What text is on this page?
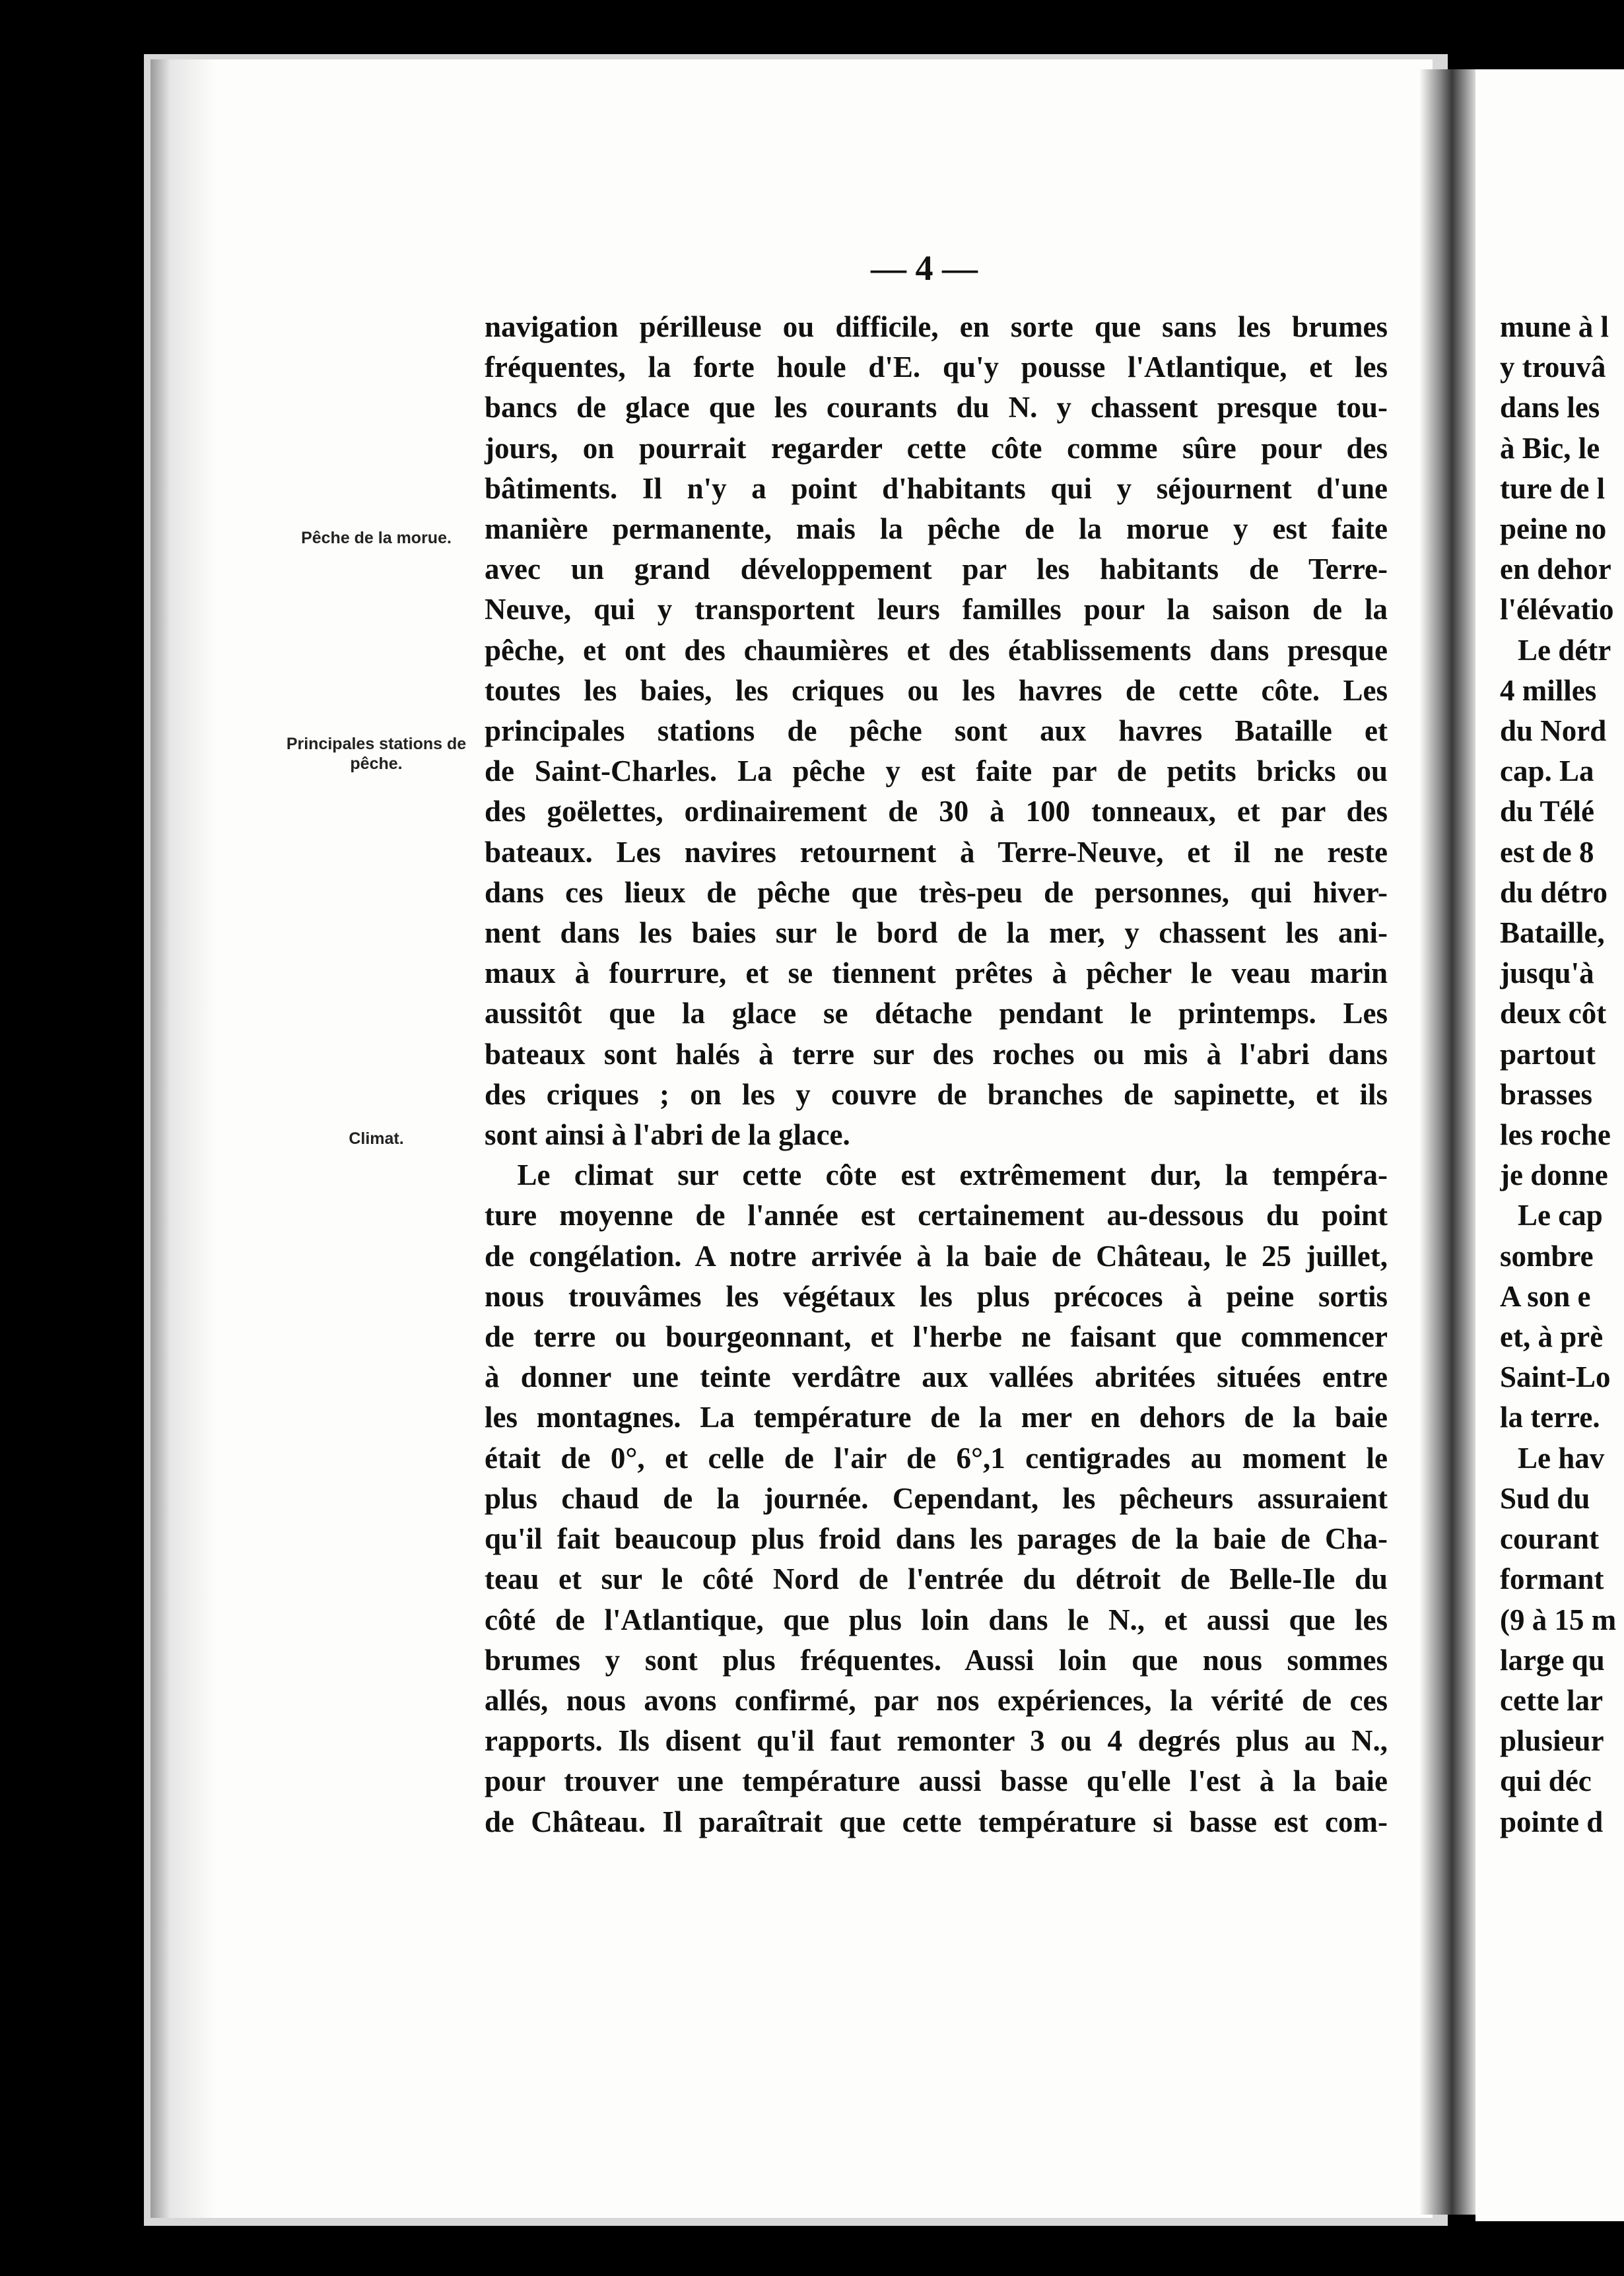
— 4 —
Pêche de la morue.
Principales stations de pêche.
Climat.

navigation périlleuse ou difficile, en sorte que sans les brumes

fréquentes, la forte houle d'E. qu'y pousse l'Atlantique, et les

bancs de glace que les courants du N. y chassent presque tou-

jours, on pourrait regarder cette côte comme sûre pour des

bâtiments. Il n'y a point d'habitants qui y séjournent d'une

manière permanente, mais la pêche de la morue y est faite

avec un grand développement par les habitants de Terre-

Neuve, qui y transportent leurs familles pour la saison de la

pêche, et ont des chaumières et des établissements dans presque

toutes les baies, les criques ou les havres de cette côte. Les

principales stations de pêche sont aux havres Bataille et

de Saint-Charles. La pêche y est faite par de petits bricks ou

des goëlettes, ordinairement de 30 à 100 tonneaux, et par des

bateaux. Les navires retournent à Terre-Neuve, et il ne reste

dans ces lieux de pêche que très-peu de personnes, qui hiver-

nent dans les baies sur le bord de la mer, y chassent les ani-

maux à fourrure, et se tiennent prêtes à pêcher le veau marin

aussitôt que la glace se détache pendant le printemps. Les

bateaux sont halés à terre sur des roches ou mis à l'abri dans

des criques ; on les y couvre de branches de sapinette, et ils

sont ainsi à l'abri de la glace.

Le climat sur cette côte est extrêmement dur, la tempéra-

ture moyenne de l'année est certainement au-dessous du point

de congélation. A notre arrivée à la baie de Château, le 25 juillet,

nous trouvâmes les végétaux les plus précoces à peine sortis

de terre ou bourgeonnant, et l'herbe ne faisant que commencer

à donner une teinte verdâtre aux vallées abritées situées entre

les montagnes. La température de la mer en dehors de la baie

était de 0°, et celle de l'air de 6°,1 centigrades au moment le

plus chaud de la journée. Cependant, les pêcheurs assuraient

qu'il fait beaucoup plus froid dans les parages de la baie de Cha-

teau et sur le côté Nord de l'entrée du détroit de Belle-Ile du

côté de l'Atlantique, que plus loin dans le N., et aussi que les

brumes y sont plus fréquentes. Aussi loin que nous sommes

allés, nous avons confirmé, par nos expériences, la vérité de ces

rapports. Ils disent qu'il faut remonter 3 ou 4 degrés plus au N.,

pour trouver une température aussi basse qu'elle l'est à la baie

de Château. Il paraîtrait que cette température si basse est com-

mune à l

y trouvâ

dans les

à Bic, le

ture de l

peine no

en dehor

l'élévatio

Le détr

4 milles

du Nord

cap. La

du Télé

est de 8

du détro

Bataille,

jusqu'à

deux côt

partout

brasses

les roche

je donne

Le cap

sombre

A son e

et, à prè

Saint-Lo

la terre.

Le hav

Sud du

courant

formant

(9 à 15 m

large qu

cette lar

plusieur

qui déc

pointe d
